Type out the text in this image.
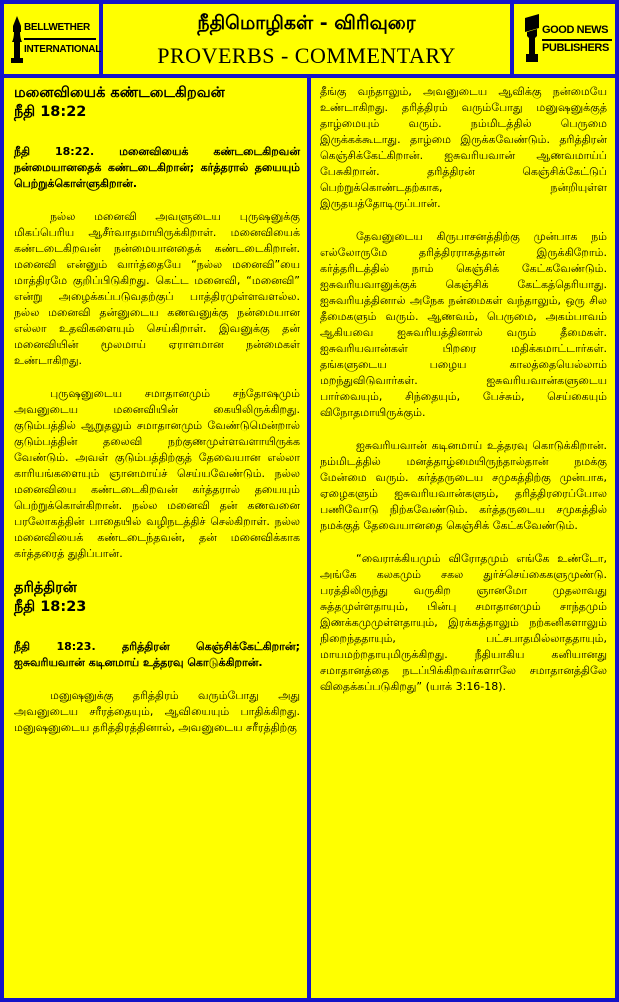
BELLWETHER
INTERNATIONAL
நீதிமொழிகள் - விரிவுரை
PROVERBS - COMMENTARY
GOOD NEWS
PUBLISHERS
மனைவியைக் கண்டடைகிறவன்
நீதி 18:22

நீதி 18:22. மனைவியைக் கண்டடைகிறவன் நன்மையானதைக் கண்டடைகிறான்; கர்த்தரால் தயையும் பெற்றுக்கொள்ளுகிறான்.

நல்ல மனைவி அவளுடைய புருஷனுக்கு மிகப்பெரிய ஆசீர்வாதமாயிருக்கிறாள். மனைவியைக் கண்டடைகிறவன் நன்மையானதைக் கண்டடைகிறான். மனைவி என்னும் வார்த்தையே “நல்ல மனைவி”யை மாத்திரமே குறிப்பிடுகிறது. கெட்ட மனைவி, “மனைவி” என்று அழைக்கப்படுவதற்குப் பாத்திரமுள்ளவளல்ல. நல்ல மனைவி தன்னுடைய கணவனுக்கு நன்மையான எல்லா உதவிகளையும் செய்கிறாள். இவனுக்கு தன் மனைவியின் மூலமாய் ஏராளமான நன்மைகள் உண்டாகிறது.

புருஷனுடைய சமாதானமும் சந்தோஷமும் அவனுடைய மனைவியின் கையிலிருக்கிறது. குடும்பத்தில் ஆறுதலும் சமாதானமும் வேண்டுமென்றால் குடும்பத்தின் தலைவி நற்குணமுள்ளவளாயிருக்க வேண்டும். அவள் குடும்பத்திற்குத் தேவையான எல்லா காரியங்களையும் ஞானமாய்ச் செய்யவேண்டும். நல்ல மனைவியை கண்டடைகிறவன் கர்த்தரால் தயையும் பெற்றுக்கொள்கிறான். நல்ல மனைவி தன் கணவனை பரலோகத்தின் பாதையில் வழிநடத்திச் செல்கிறாள். நல்ல மனைவியைக் கண்டடைந்தவன், தன் மனைவிக்காக கர்த்தரைத் துதிப்பான்.

தரித்திரன்
நீதி 18:23

நீதி 18:23. தரித்திரன் கெஞ்சிக்கேட்கிறான்; ஐசுவரியவான் கடினமாய் உத்தரவு கொடுக்கிறான்.

மனுஷனுக்கு தரித்திரம் வரும்போது அது அவனுடைய சரீரத்தையும், ஆவியையும் பாதிக்கிறது. மனுஷனுடைய தரித்திரத்தினால், அவனுடைய சரீரத்திற்கு

தீங்கு வந்தாலும், அவனுடைய ஆவிக்கு நன்மையே உண்டாகிறது. தரித்திரம் வரும்போது மனுஷனுக்குத் தாழ்மையும் வரும். நம்மிடத்தில் பெருமை இருக்கக்கூடாது. தாழ்மை இருக்கவேண்டும். தரித்திரன் கெஞ்சிக்கேட்கிறான். ஐசுவரியவான் ஆணவமாய்ப் பேசுகிறான். தரித்திரன் கெஞ்சிக்கேட்டுப் பெற்றுக்கொண்டதற்காக, நன்றியுள்ள இருதயத்தோடிருப்பான்.

தேவனுடைய கிருபாசனத்திற்கு முன்பாக நம் எல்லோருமே தரித்திரராகத்தான் இருக்கிறோம். கர்த்தரிடத்தில் நாம் கெஞ்சிக் கேட்கவேண்டும். ஐசுவரியவானுக்குக் கெஞ்சிக் கேட்கத்தெரியாது. ஐசுவரியத்தினால் அநேக நன்மைகள் வந்தாலும், ஒரு சில தீமைகளும் வரும். ஆணவம், பெருமை, அகம்பாவம் ஆகியவை ஐசுவரியத்தினால் வரும் தீமைகள். ஐசுவரியவான்கள் பிறரை மதிக்கமாட்டார்கள். தங்களுடைய பழைய காலத்தையெல்லாம் மறந்துவிடுவார்கள். ஐசுவரியவான்களுடைய பார்வையும், சிந்தையும், பேச்சும், செய்கையும் விநோதமாயிருக்கும்.

ஐசுவரியவான் கடினமாய் உத்தரவு கொடுக்கிறான். நம்மிடத்தில் மனத்தாழ்மையிருந்தால்தான் நமக்கு மேன்மை வரும். கர்த்தருடைய சமுகத்திற்கு முன்பாக, ஏழைகளும் ஐசுவரியவான்களும், தரித்திரரைப்போல பணிவோடு நிற்கவேண்டும். கர்த்தருடைய சமுகத்தில் நமக்குத் தேவையானதை கெஞ்சிக் கேட்கவேண்டும்.

“வைராக்கியமும் விரோதமும் எங்கே உண்டோ, அங்கே கலகமும் சகல துர்ச்செய்கைகளுமுண்டு. பரத்திலிருந்து வருகிற ஞானமோ முதலாவது சுத்தமுள்ளதாயும், பின்பு சமாதானமும் சாந்தமும் இணக்கமுமுள்ளதாயும், இரக்கத்தாலும் நற்கனிகளாலும் நிறைந்ததாயும், பட்சபாதமில்லாததாயும், மாயமற்றதாயுமிருக்கிறது. நீதியாகிய கனியானது சமாதானத்தை நடப்பிக்கிறவர்களாலே சமாதானத்திலே விதைக்கப்படுகிறது” (யாக் 3:16-18).
